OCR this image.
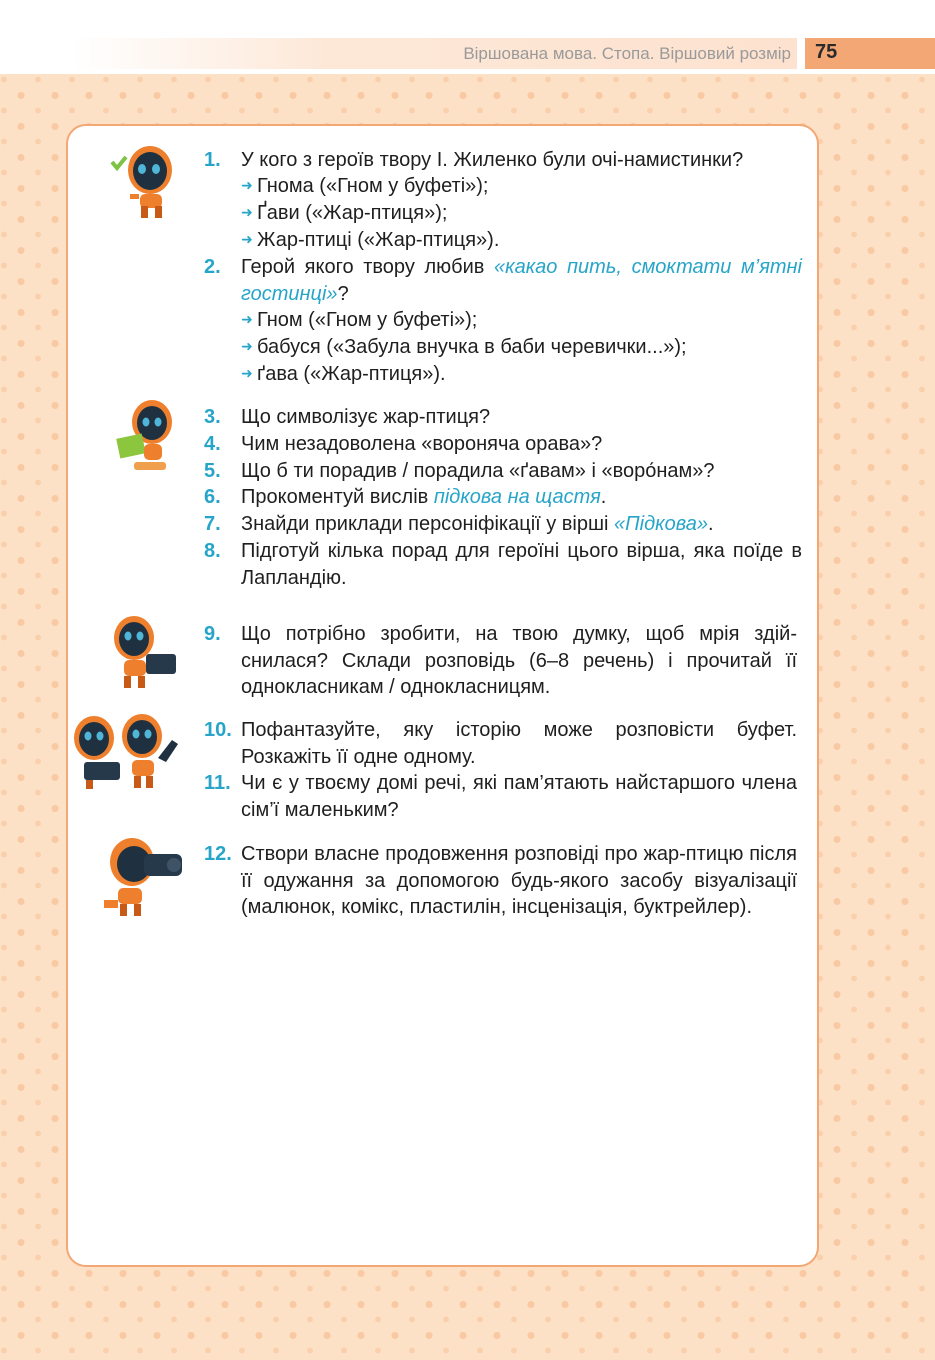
Віршована мова. Стопа. Віршовий розмір 75
1. У кого з героїв твору І. Жиленко були очі-намистинки?
➜ Гнома («Гном у буфеті»);
➜ Ґави («Жар-птиця»);
➜ Жар-птиці («Жар-птиця»).
2. Герой якого твору любив «какао пить, смоктати м’ятні гостинці»?
➜ Гном («Гном у буфеті»);
➜ бабуся («Забула внучка в баби черевички...»);
➜ ґава («Жар-птиця»).
3. Що символізує жар-птиця?
4. Чим незадоволена «вороняча орава»?
5. Що б ти порадив / порадила «ґавам» і «воро́нам»?
6. Прокоментуй вислів підкова на щастя.
7. Знайди приклади персоніфікації у вірші «Підкова».
8. Підготуй кілька порад для героїні цього вірша, яка поїде в Лапландію.
9. Що потрібно зробити, на твою думку, щоб мрія здійснилася? Склади розповідь (6–8 речень) і прочитай її однокласникам / однокласницям.
10. Пофантазуйте, яку історію може розповісти буфет. Розкажіть її одне одному.
11. Чи є у твоєму домі речі, які пам’ятають найстаршого члена сім’ї маленьким?
12. Створи власне продовження розповіді про жар-птицю після її одужання за допомогою будь-якого засобу візуалізації (малюнок, комікс, пластилін, інсценізація, буктрейлер).
